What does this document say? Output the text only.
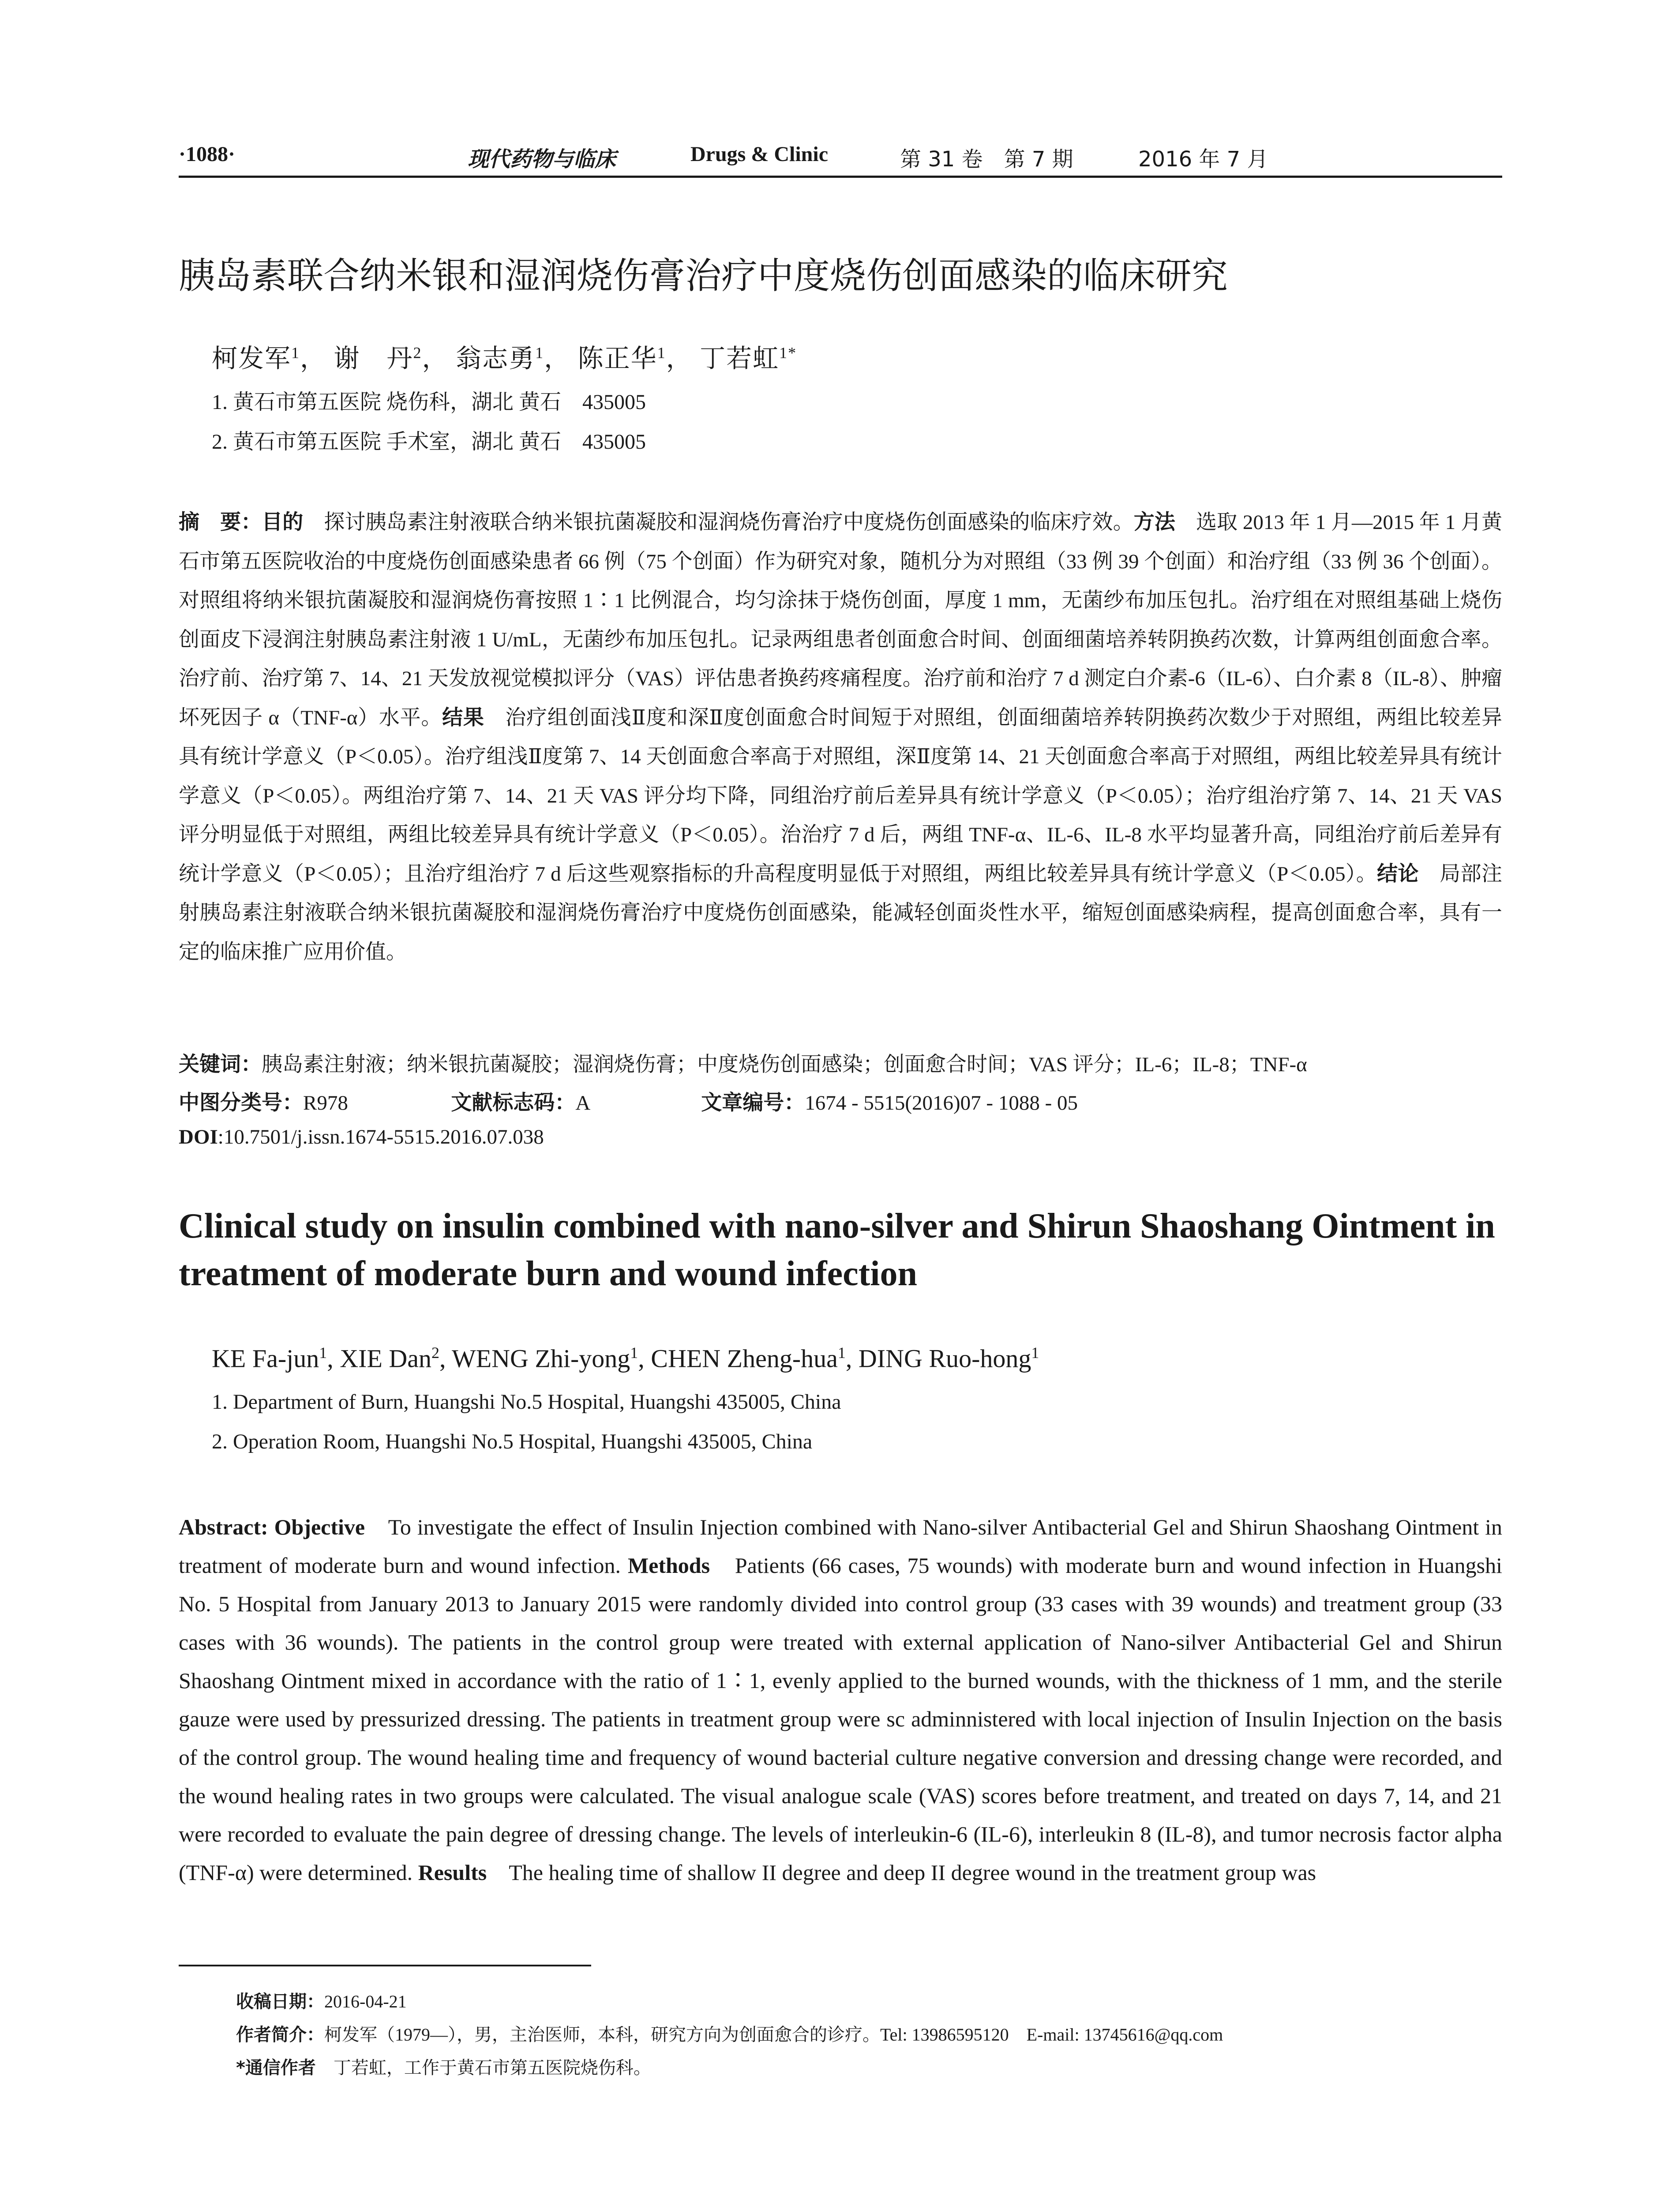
·1088·	现代药物与临床	Drugs & Clinic	第 31 卷　第 7 期	2016 年 7 月
胰岛素联合纳米银和湿润烧伤膏治疗中度烧伤创面感染的临床研究
柯发军$^1$， 谢　丹$^2$， 翁志勇$^1$， 陈正华$^1$， 丁若虹$^{1*}$
1. 黄石市第五医院 烧伤科，湖北 黄石　435005
2. 黄石市第五医院 手术室，湖北 黄石　435005
摘　要：目的　探讨胰岛素注射液联合纳米银抗菌凝胶和湿润烧伤膏治疗中度烧伤创面感染的临床疗效。方法　选取 2013 年 1 月—2015 年 1 月黄石市第五医院收治的中度烧伤创面感染患者 66 例（75 个创面）作为研究对象，随机分为对照组（33 例 39 个创面）和治疗组（33 例 36 个创面）。对照组将纳米银抗菌凝胶和湿润烧伤膏按照 1∶1 比例混合，均匀涂抹于烧伤创面，厚度 1 mm，无菌纱布加压包扎。治疗组在对照组基础上烧伤创面皮下浸润注射胰岛素注射液 1 U/mL，无菌纱布加压包扎。记录两组患者创面愈合时间、创面细菌培养转阴换药次数，计算两组创面愈合率。治疗前、治疗第 7、14、21 天发放视觉模拟评分（VAS）评估患者换药疼痛程度。治疗前和治疗 7 d 测定白介素-6（IL-6）、白介素 8（IL-8）、肿瘤坏死因子 α（TNF-α）水平。结果　治疗组创面浅Ⅱ度和深Ⅱ度创面愈合时间短于对照组，创面细菌培养转阴换药次数少于对照组，两组比较差异具有统计学意义（P＜0.05）。治疗组浅Ⅱ度第 7、14 天创面愈合率高于对照组，深Ⅱ度第 14、21 天创面愈合率高于对照组，两组比较差异具有统计学意义（P＜0.05）。两组治疗第 7、14、21 天 VAS 评分均下降，同组治疗前后差异具有统计学意义（P＜0.05）；治疗组治疗第 7、14、21 天 VAS 评分明显低于对照组，两组比较差异具有统计学意义（P＜0.05）。治治疗 7 d 后，两组 TNF-α、IL-6、IL-8 水平均显著升高，同组治疗前后差异有统计学意义（P＜0.05）；且治疗组治疗 7 d 后这些观察指标的升高程度明显低于对照组，两组比较差异具有统计学意义（P＜0.05）。结论　局部注射胰岛素注射液联合纳米银抗菌凝胶和湿润烧伤膏治疗中度烧伤创面感染，能减轻创面炎性水平，缩短创面感染病程，提高创面愈合率，具有一定的临床推广应用价值。
关键词：胰岛素注射液；纳米银抗菌凝胶；湿润烧伤膏；中度烧伤创面感染；创面愈合时间；VAS 评分；IL-6；IL-8；TNF-α
中图分类号：R978	文献标志码：A	文章编号：1674 - 5515(2016)07 - 1088 - 05
DOI:10.7501/j.issn.1674-5515.2016.07.038
Clinical study on insulin combined with nano-silver and Shirun Shaoshang Ointment in treatment of moderate burn and wound infection
KE Fa-jun$^1$, XIE Dan$^2$, WENG Zhi-yong$^1$, CHEN Zheng-hua$^1$, DING Ruo-hong$^1$
1. Department of Burn, Huangshi No.5 Hospital, Huangshi 435005, China
2. Operation Room, Huangshi No.5 Hospital, Huangshi 435005, China
Abstract: Objective　To investigate the effect of Insulin Injection combined with Nano-silver Antibacterial Gel and Shirun Shaoshang Ointment in treatment of moderate burn and wound infection. Methods　Patients (66 cases, 75 wounds) with moderate burn and wound infection in Huangshi No. 5 Hospital from January 2013 to January 2015 were randomly divided into control group (33 cases with 39 wounds) and treatment group (33 cases with 36 wounds). The patients in the control group were treated with external application of Nano-silver Antibacterial Gel and Shirun Shaoshang Ointment mixed in accordance with the ratio of 1∶1, evenly applied to the burned wounds, with the thickness of 1 mm, and the sterile gauze were used by pressurized dressing. The patients in treatment group were sc adminnistered with local injection of Insulin Injection on the basis of the control group. The wound healing time and frequency of wound bacterial culture negative conversion and dressing change were recorded, and the wound healing rates in two groups were calculated. The visual analogue scale (VAS) scores before treatment, and treated on days 7, 14, and 21 were recorded to evaluate the pain degree of dressing change. The levels of interleukin-6 (IL-6), interleukin 8 (IL-8), and tumor necrosis factor alpha (TNF-α) were determined. Results　The healing time of shallow II degree and deep II degree wound in the treatment group was
收稿日期：2016-04-21
作者简介：柯发军（1979—），男，主治医师，本科，研究方向为创面愈合的诊疗。Tel: 13986595120　E-mail: 13745616@qq.com
*通信作者　丁若虹，工作于黄石市第五医院烧伤科。
